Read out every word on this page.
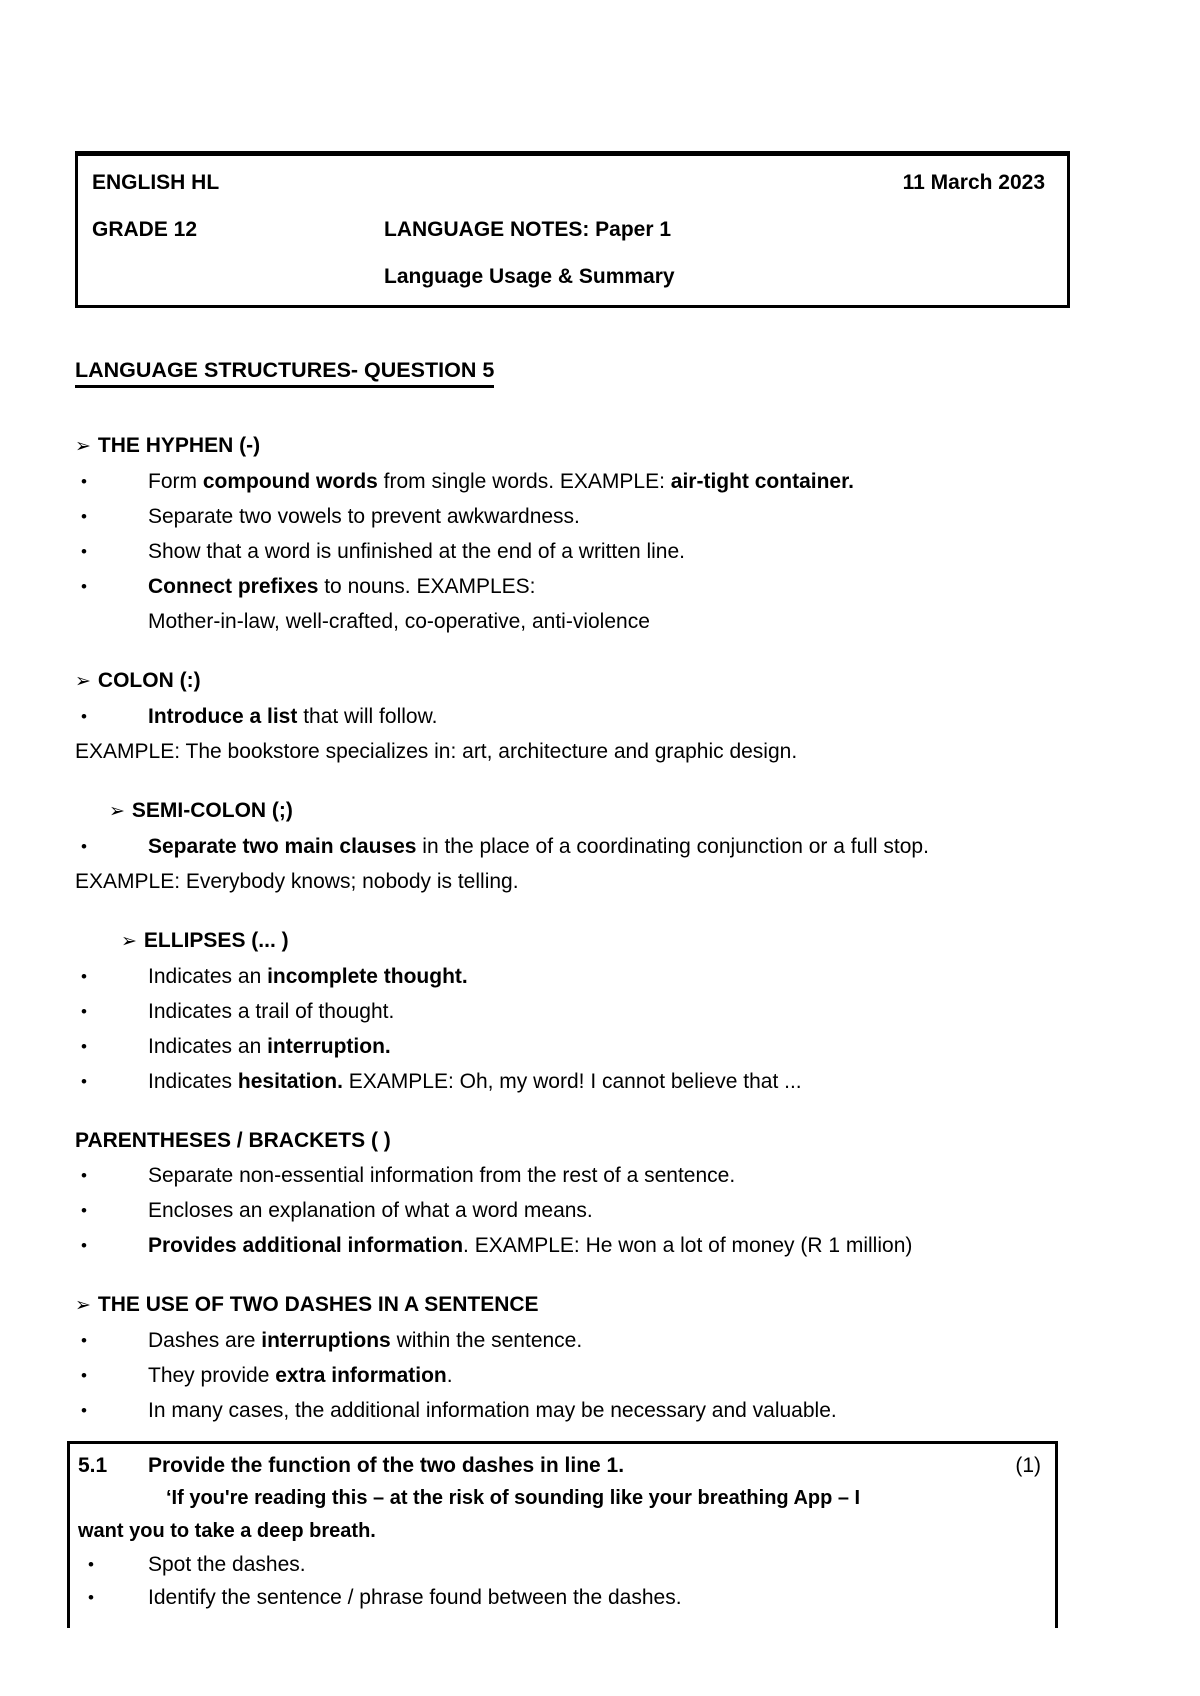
ENGLISH HL	11 March 2023
GRADE 12	LANGUAGE NOTES: Paper 1
Language Usage & Summary
LANGUAGE STRUCTURES- QUESTION 5
➢ THE HYPHEN (-)
•	Form compound words from single words. EXAMPLE: air-tight container.
•	Separate two vowels to prevent awkwardness.
•	Show that a word is unfinished at the end of a written line.
•	Connect prefixes to nouns. EXAMPLES:
Mother-in-law, well-crafted, co-operative, anti-violence
➢ COLON (:)
•	Introduce a list that will follow.
EXAMPLE: The bookstore specializes in: art, architecture and graphic design.
➢ SEMI-COLON (;)
•	Separate two main clauses in the place of a coordinating conjunction or a full stop.
EXAMPLE: Everybody knows; nobody is telling.
➢ ELLIPSES (... )
•	Indicates an incomplete thought.
•	Indicates a trail of thought.
•	Indicates an interruption.
•	Indicates hesitation. EXAMPLE: Oh, my word! I cannot believe that ...
PARENTHESES / BRACKETS ( )
•	Separate non-essential information from the rest of a sentence.
•	Encloses an explanation of what a word means.
•	Provides additional information. EXAMPLE: He won a lot of money (R 1 million)
➢ THE USE OF TWO DASHES IN A SENTENCE
•	Dashes are interruptions within the sentence.
•	They provide extra information.
•	In many cases, the additional information may be necessary and valuable.
5.1	Provide the function of the two dashes in line 1.	(1)
‘If you're reading this – at the risk of sounding like your breathing App – I
want you to take a deep breath.
•	Spot the dashes.
•	Identify the sentence / phrase found between the dashes.
